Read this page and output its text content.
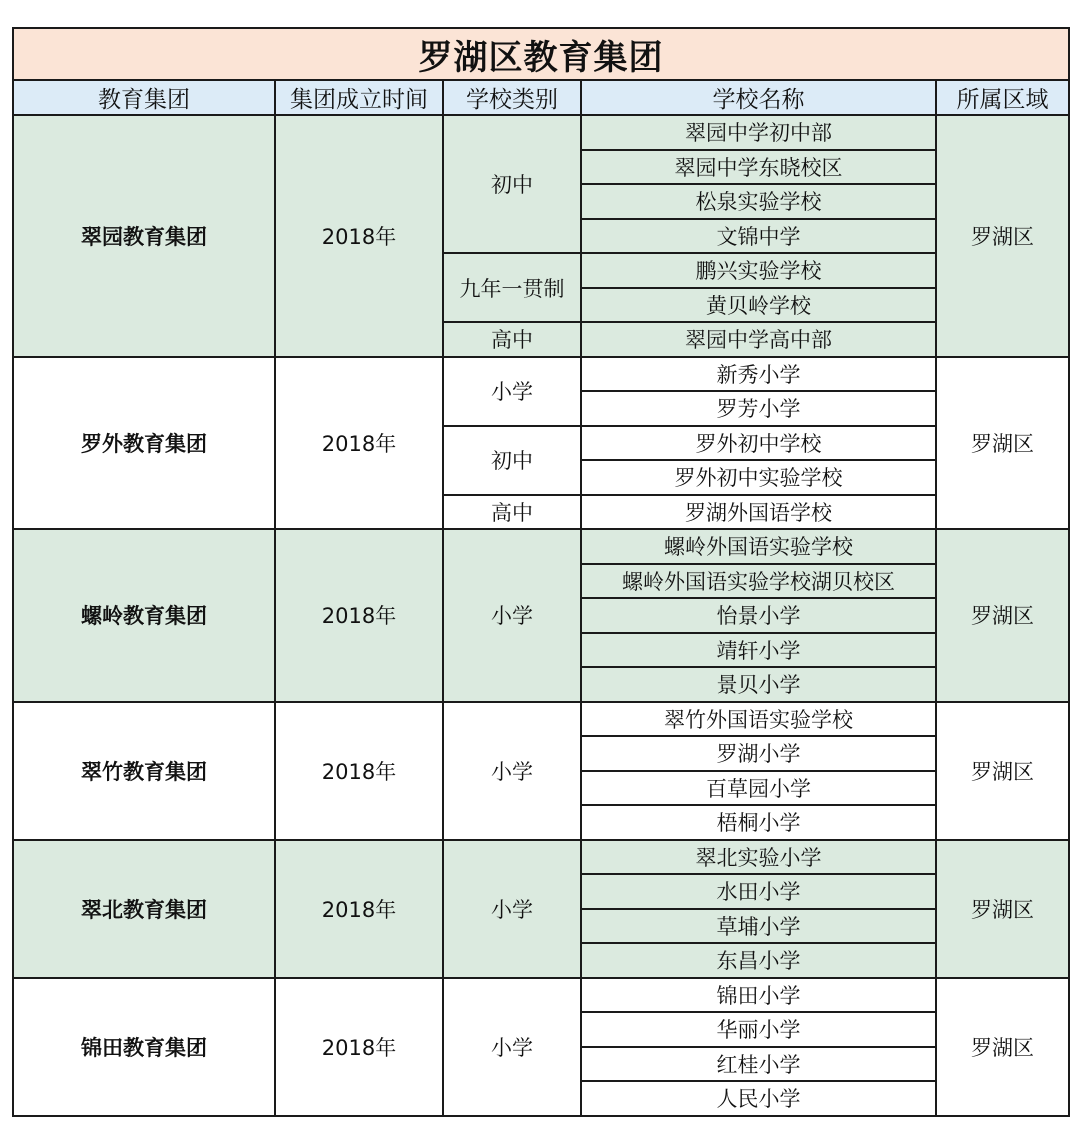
罗湖区教育集团				
教育集团	集团成立时间	学校类别	学校名称	所属区域
翠园教育集团	2018年	初中	翠园中学初中部	罗湖区
			翠园中学东晓校区	
			松泉实验学校	
			文锦中学	
		九年一贯制	鹏兴实验学校	
			黄贝岭学校	
		高中	翠园中学高中部	
罗外教育集团	2018年	小学	新秀小学	罗湖区
			罗芳小学	
		初中	罗外初中学校	
			罗外初中实验学校	
		高中	罗湖外国语学校	
螺岭教育集团	2018年	小学	螺岭外国语实验学校	罗湖区
			螺岭外国语实验学校湖贝校区	
			怡景小学	
			靖轩小学	
			景贝小学	
翠竹教育集团	2018年	小学	翠竹外国语实验学校	罗湖区
			罗湖小学	
			百草园小学	
			梧桐小学	
翠北教育集团	2018年	小学	翠北实验小学	罗湖区
			水田小学	
			草埔小学	
			东昌小学	
锦田教育集团	2018年	小学	锦田小学	罗湖区
			华丽小学	
			红桂小学	
			人民小学	
